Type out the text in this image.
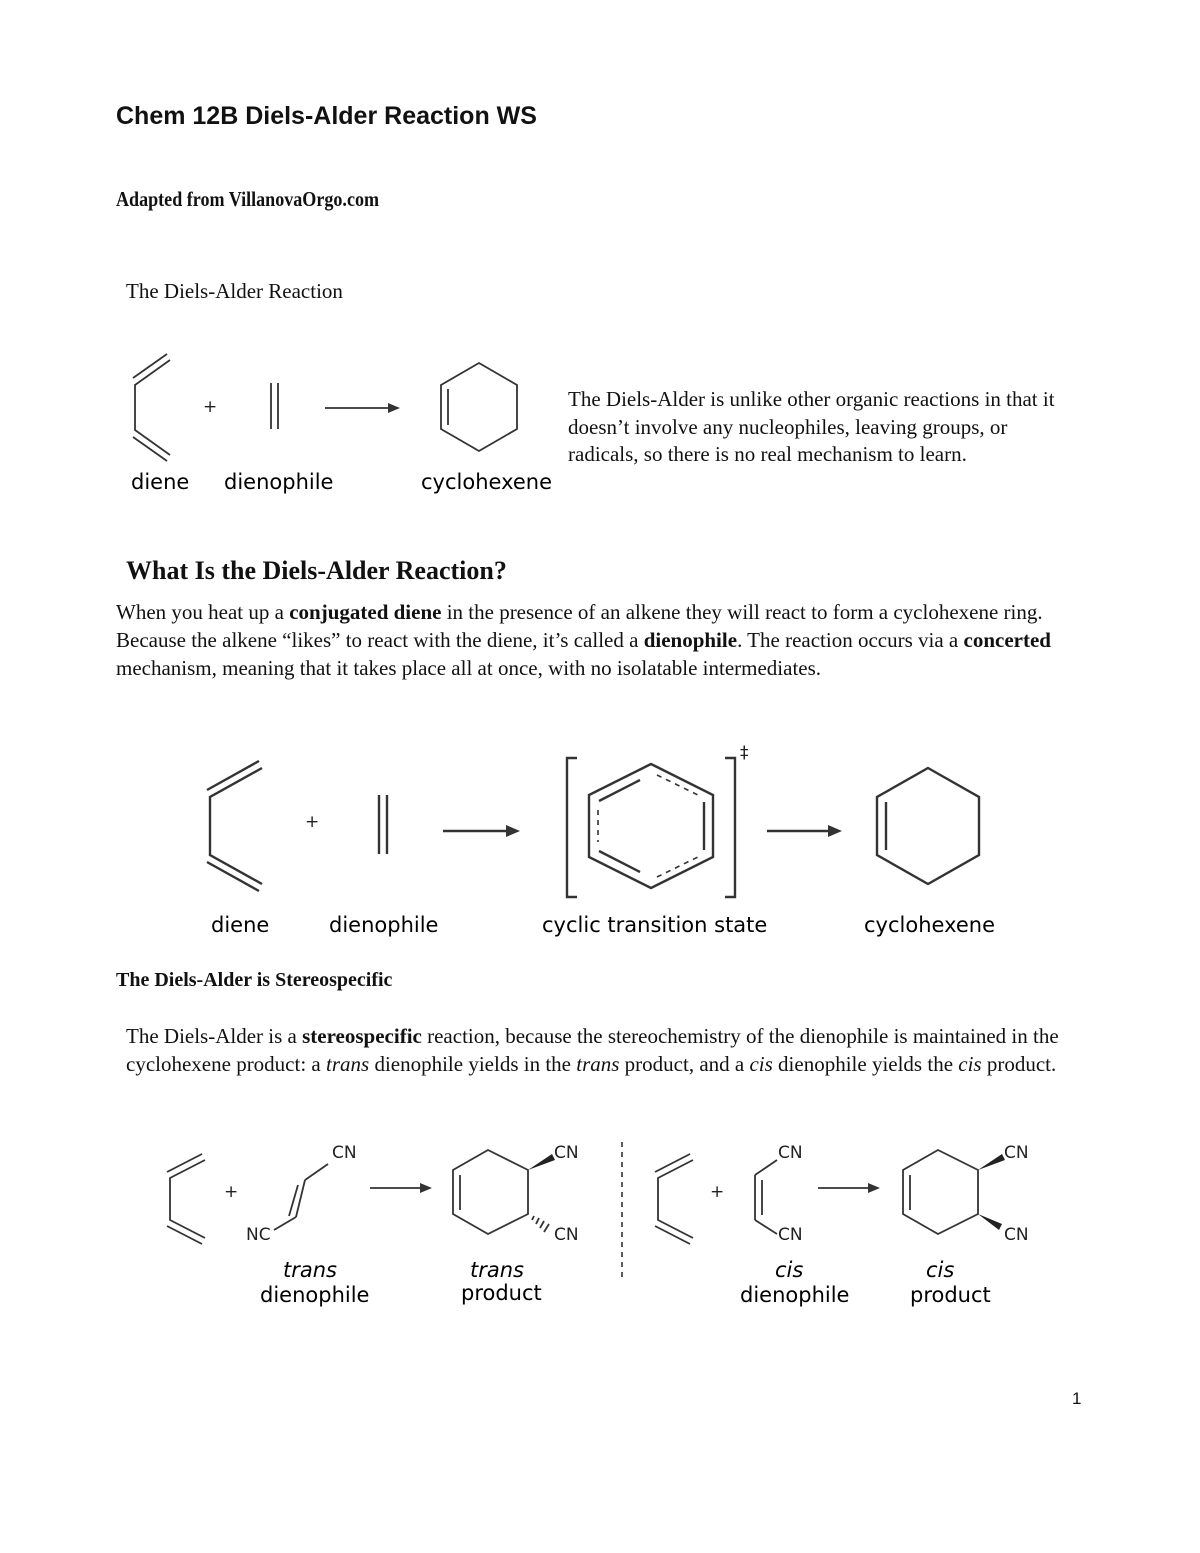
Chem 12B Diels-Alder Reaction WS
Adapted from VillanovaOrgo.com
The Diels-Alder Reaction
+
diene dienophile	cyclohexene
The Diels-Alder is unlike other organic reactions in that it doesn’t involve any nucleophiles, leaving groups, or radicals, so there is no real mechanism to learn.
What Is the Diels-Alder Reaction?
When you heat up a conjugated diene in the presence of an alkene they will react to form a cyclohexene ring. Because the alkene “likes” to react with the diene, it’s called a dienophile. The reaction occurs via a concerted mechanism, meaning that it takes place all at once, with no isolatable intermediates.
+
‡
diene	dienophile	cyclic transition state	cyclohexene
The Diels-Alder is Stereospecific
The Diels-Alder is a stereospecific reaction, because the stereochemistry of the dienophile is maintained in the cyclohexene product: a trans dienophile yields in the trans product, and a cis dienophile yields the cis product.
+
CN
NC
CN
CN
trans
dienophile
trans
product
+
CN
CN
CN
CN
cis
dienophile
cis
product
1
